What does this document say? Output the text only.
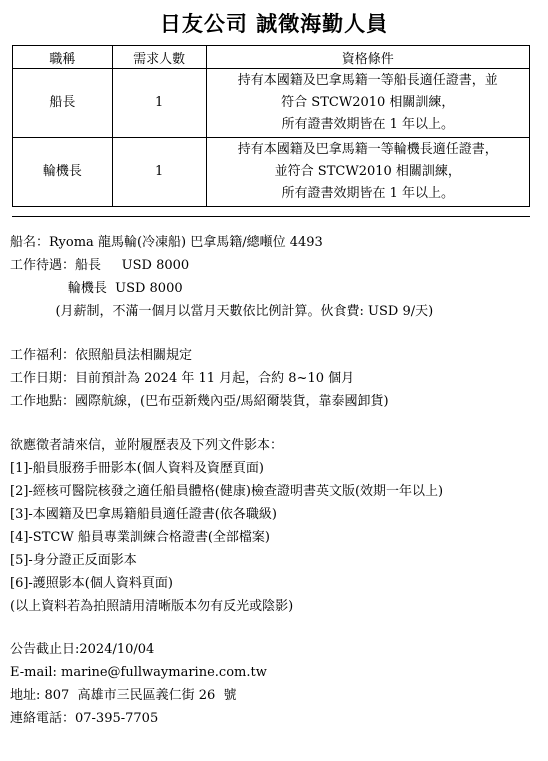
日友公司 誠徵海勤人員
職稱	需求人數	資格條件
船長	1	持有本國籍及巴拿馬籍一等船長適任證書，並
符合 STCW2010 相關訓練，
所有證書效期皆在 1 年以上。

輪機長	1	持有本國籍及巴拿馬籍一等輪機長適任證書，
並符合 STCW2010 相關訓練，
所有證書效期皆在 1 年以上。
船名：Ryoma 龍馬輪(冷凍船) 巴拿馬籍/總噸位 4493
工作待遇：船長     USD 8000
輪機長  USD 8000
(月薪制，不滿一個月以當月天數依比例計算。伙食費: USD 9/天)
工作福利：依照船員法相關規定
工作日期：目前預計為 2024 年 11 月起，合約 8~10 個月
工作地點：國際航線，(巴布亞新幾內亞/馬紹爾裝貨，靠泰國卸貨)
欲應徵者請來信，並附履歷表及下列文件影本：
[1]-船員服務手冊影本(個人資料及資歷頁面)
[2]-經核可醫院核發之適任船員體格(健康)檢查證明書英文版(效期一年以上)
[3]-本國籍及巴拿馬籍船員適任證書(依各職級)
[4]-STCW 船員專業訓練合格證書(全部檔案)
[5]-身分證正反面影本
[6]-護照影本(個人資料頁面)
(以上資料若為拍照請用清晰版本勿有反光或陰影)
公告截止日:2024/10/04
E-mail: marine@fullwaymarine.com.tw
地址: 807  高雄市三民區義仁街 26  號
連絡電話：07-395-7705
